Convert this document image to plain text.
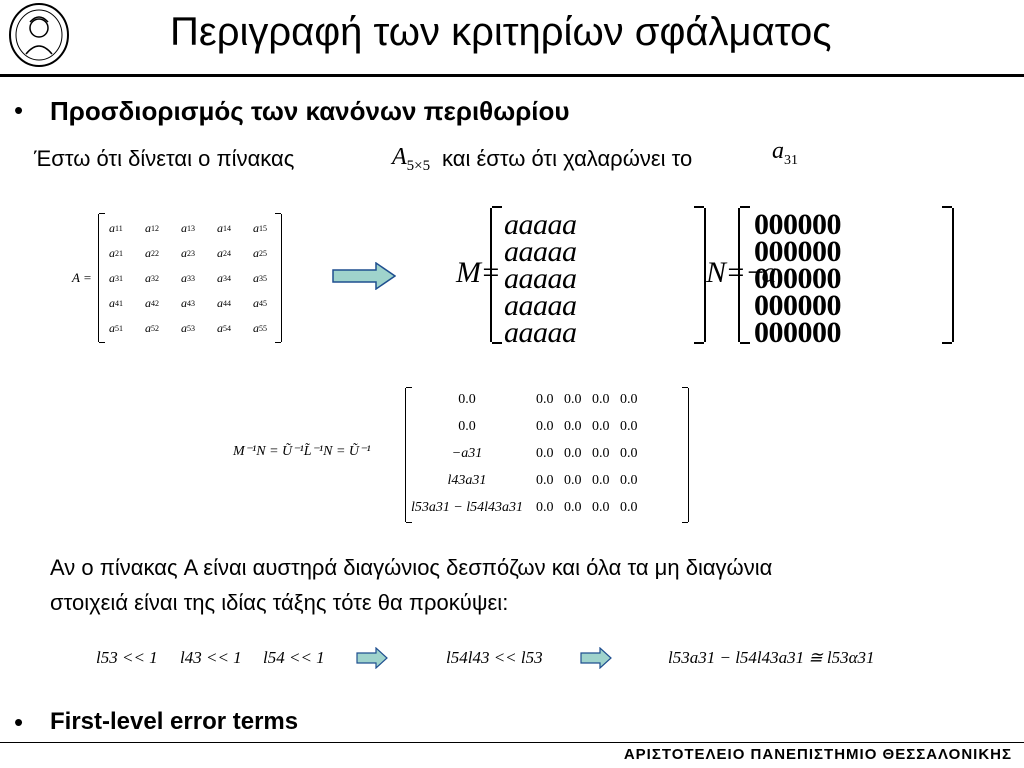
Περιγραφή των κριτηρίων σφάλματος
• Προσδιορισμός των κανόνων περιθωρίου
Έστω ότι δίνεται ο πίνακας	$A_{5\times 5}$ και έστω ότι χαλαρώνει το	$a_{31}$
A =
a 11 a 12 a 13 a 14 a 15
a 21 a 22 a 23 a 24 a 25
a 31 a 32 a 33 a 34 a 35
a 41 a 42 a 43 a 44 a 45
a 51 a 52 a 53 a 54 a 55
M =
a a a a a
a a a a a
a a a a a
a a a a a
a a a a a
N = −a
0 0 0 0 0 0
0 0 0 0 0 0
0 0 0 0 0 0
0 0 0 0 0 0
0 0 0 0 0 0
M⁻¹N = Ũ⁻¹L̃⁻¹N = Ũ⁻¹
0.0	0.0   0.0   0.0   0.0
0.0	0.0   0.0   0.0   0.0
−a31	0.0   0.0   0.0   0.0
l43a31	0.0   0.0   0.0   0.0
l53a31 − l54l43a31 0.0   0.0   0.0   0.0
Αν ο πίνακας A είναι αυστηρά διαγώνιος δεσπόζων και όλα τα μη διαγώνια
στοιχειά είναι της ιδίας τάξης τότε θα προκύψει:
l53 << 1 l43 << 1 l54 << 1	l54l43 << l53	l53a31 − l54l43a31 ≅ l53α31
• First-level error terms
ΑΡΙΣΤΟΤΕΛΕΙΟ ΠΑΝΕΠΙΣΤΗΜΙΟ ΘΕΣΣΑΛΟΝΙΚΗΣ
